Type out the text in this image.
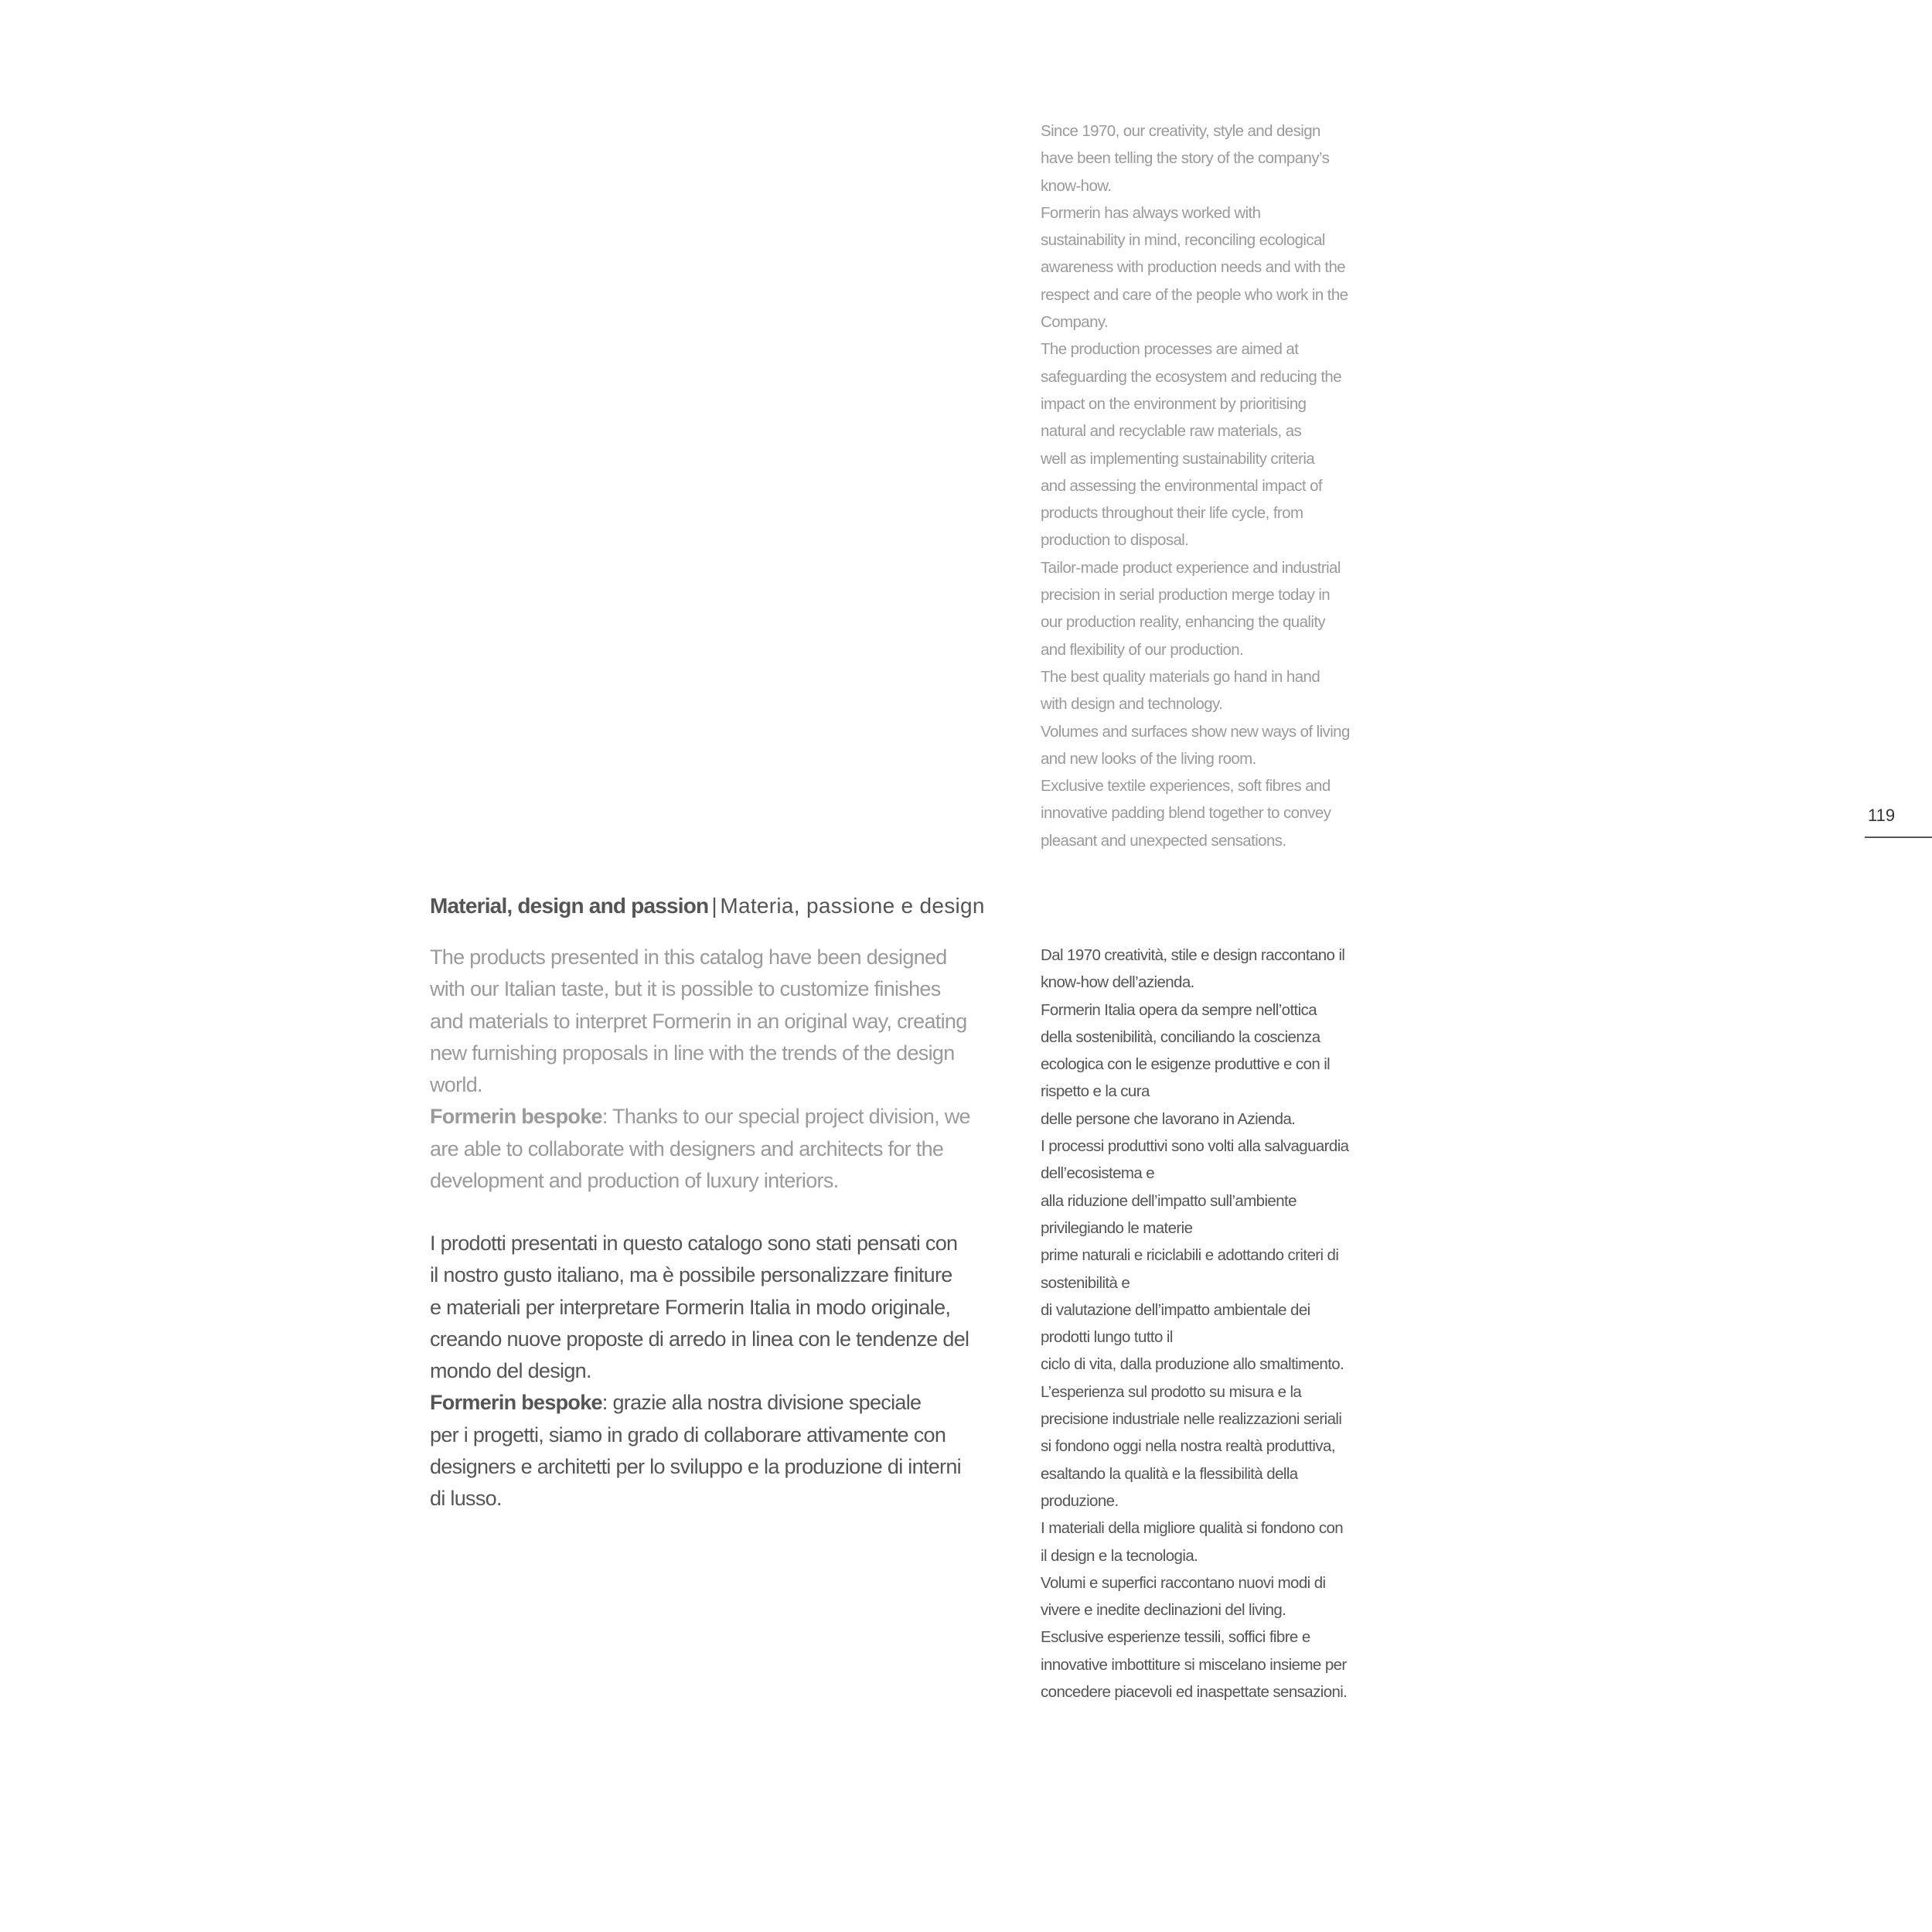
Since 1970, our creativity, style and design
have been telling the story of the company’s
know-how.
Formerin has always worked with
sustainability in mind, reconciling ecological
awareness with production needs and with the
respect and care of the people who work in the
Company.
The production processes are aimed at
safeguarding the ecosystem and reducing the
impact on the environment by prioritising
natural and recyclable raw materials, as
well as implementing sustainability criteria
and assessing the environmental impact of
products throughout their life cycle, from
production to disposal.
Tailor-made product experience and industrial
precision in serial production merge today in
our production reality, enhancing the quality
and flexibility of our production.
The best quality materials go hand in hand
with design and technology.
Volumes and surfaces show new ways of living
and new looks of the living room.
Exclusive textile experiences, soft fibres and
innovative padding blend together to convey
pleasant and unexpected sensations.
119
Material, design and passion | Materia, passione e design
The products presented in this catalog have been designed
with our Italian taste, but it is possible to customize finishes
and materials to interpret Formerin in an original way, creating
new furnishing proposals in line with the trends of the design
world.
Formerin bespoke: Thanks to our special project division, we
are able to collaborate with designers and architects for the
development and production of luxury interiors.
I prodotti presentati in questo catalogo sono stati pensati con
il nostro gusto italiano, ma è possibile personalizzare finiture
e materiali per interpretare Formerin Italia in modo originale,
creando nuove proposte di arredo in linea con le tendenze del
mondo del design.
Formerin bespoke: grazie alla nostra divisione speciale
per i progetti, siamo in grado di collaborare attivamente con
designers e architetti per lo sviluppo e la produzione di interni
di lusso.
Dal 1970 creatività, stile e design raccontano il
know-how dell’azienda.
Formerin Italia opera da sempre nell’ottica
della sostenibilità, conciliando la coscienza
ecologica con le esigenze produttive e con il
rispetto e la cura
delle persone che lavorano in Azienda.
I processi produttivi sono volti alla salvaguardia
dell’ecosistema e
alla riduzione dell’impatto sull’ambiente
privilegiando le materie
prime naturali e riciclabili e adottando criteri di
sostenibilità e
di valutazione dell’impatto ambientale dei
prodotti lungo tutto il
ciclo di vita, dalla produzione allo smaltimento.
L’esperienza sul prodotto su misura e la
precisione industriale nelle realizzazioni seriali
si fondono oggi nella nostra realtà produttiva,
esaltando la qualità e la flessibilità della
produzione.
I materiali della migliore qualità si fondono con
il design e la tecnologia.
Volumi e superfici raccontano nuovi modi di
vivere e inedite declinazioni del living.
Esclusive esperienze tessili, soffici fibre e
innovative imbottiture si miscelano insieme per
concedere piacevoli ed inaspettate sensazioni.
